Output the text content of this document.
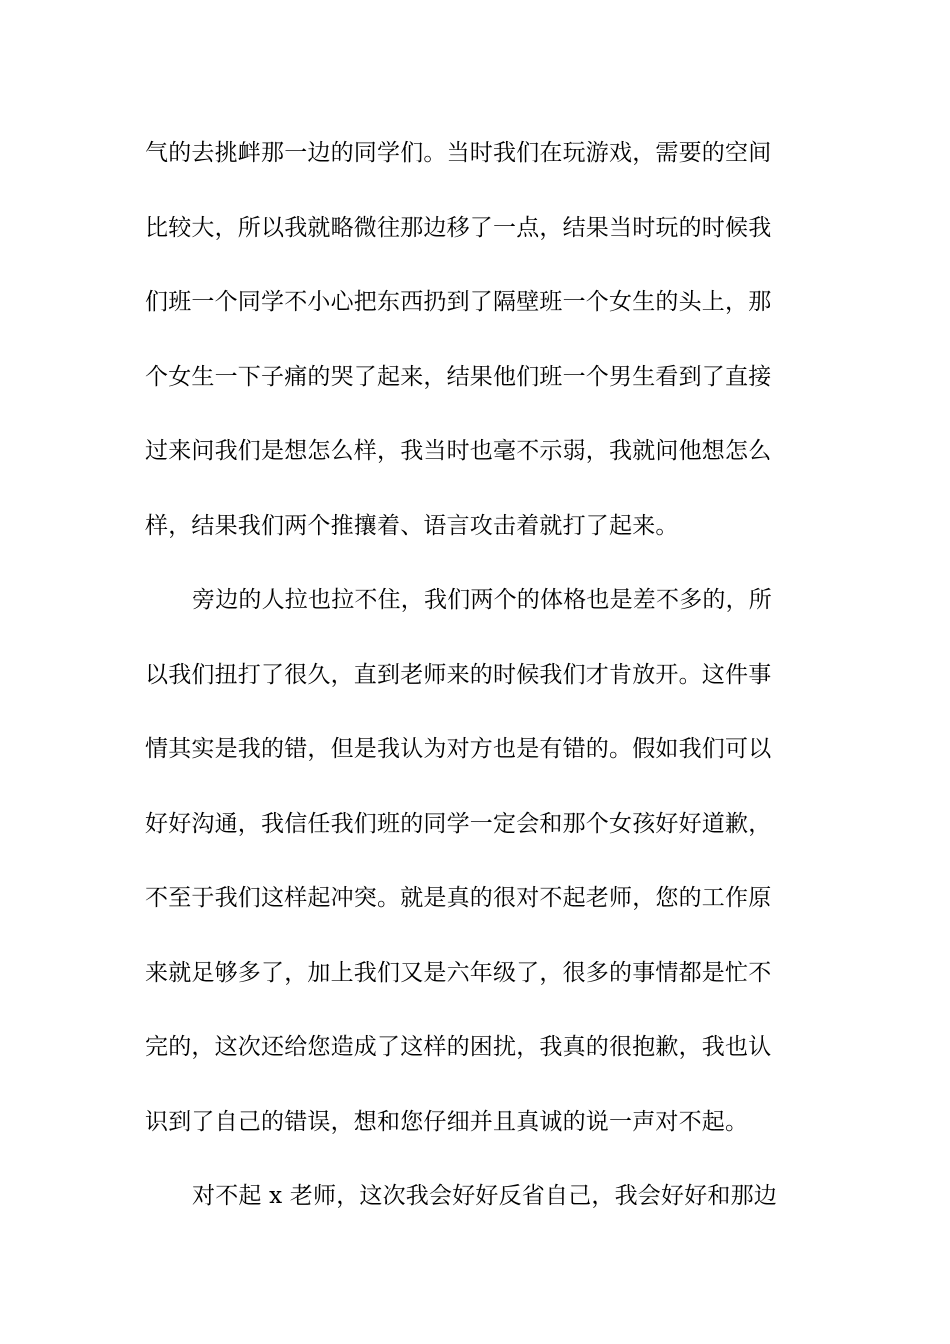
气的去挑衅那一边的同学们。当时我们在玩游戏，需要的空间
比较大，所以我就略微往那边移了一点，结果当时玩的时候我
们班一个同学不小心把东西扔到了隔壁班一个女生的头上，那
个女生一下子痛的哭了起来，结果他们班一个男生看到了直接
过来问我们是想怎么样，我当时也毫不示弱，我就问他想怎么
样，结果我们两个推攘着、语言攻击着就打了起来。
旁边的人拉也拉不住，我们两个的体格也是差不多的，所
以我们扭打了很久，直到老师来的时候我们才肯放开。这件事
情其实是我的错，但是我认为对方也是有错的。假如我们可以
好好沟通，我信任我们班的同学一定会和那个女孩好好道歉，
不至于我们这样起冲突。就是真的很对不起老师，您的工作原
来就足够多了，加上我们又是六年级了，很多的事情都是忙不
完的，这次还给您造成了这样的困扰，我真的很抱歉，我也认
识到了自己的错误，想和您仔细并且真诚的说一声对不起。
对不起 x 老师，这次我会好好反省自己，我会好好和那边
